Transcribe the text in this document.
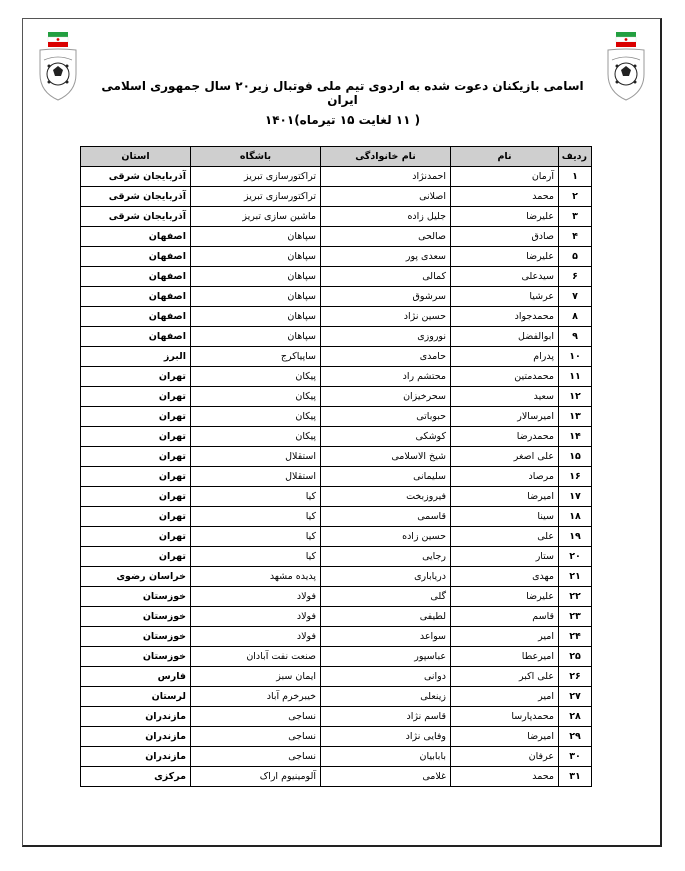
اسامی بازیکنان دعوت شده به اردوی تیم ملی فوتبال زیر۲۰ سال جمهوری اسلامی ایران
( ۱۱ لغایت ۱۵ تیرماه)۱۴۰۱
ردیف	نام	نام خانوادگی	باشگاه	استان
۱	آرمان	احمدنژاد	تراکتورسازی تبریز	آذربایجان شرقی
۲	محمد	اصلانی	تراکتورسازی تبریز	آذربایجان شرقی
۳	علیرضا	جلیل زاده	ماشین سازی تبریز	آذربایجان شرقی
۴	صادق	صالحی	سپاهان	اصفهان
۵	علیرضا	سعدی پور	سپاهان	اصفهان
۶	سیدعلی	کمالی	سپاهان	اصفهان
۷	عرشیا	سرشوق	سپاهان	اصفهان
۸	محمدجواد	حسین نژاد	سپاهان	اصفهان
۹	ابوالفضل	نوروزی	سپاهان	اصفهان
۱۰	پدرام	حامدی	ساپیاکرج	البرز
۱۱	محمدمتین	محتشم راد	پیکان	تهران
۱۲	سعید	سحرخیزان	پیکان	تهران
۱۳	امیرسالار	حبوباتی	پیکان	تهران
۱۴	محمدرضا	کوشکی	پیکان	تهران
۱۵	علی اصغر	شیخ الاسلامی	استقلال	تهران
۱۶	مرصاد	سلیمانی	استقلال	تهران
۱۷	امیرضا	فیروزبخت	کیا	تهران
۱۸	سینا	قاسمی	کیا	تهران
۱۹	علی	حسین زاده	کیا	تهران
۲۰	ستار	رجایی	کیا	تهران
۲۱	مهدی	دریاباری	پدیده مشهد	خراسان رضوی
۲۲	علیرضا	گلی	فولاد	خوزستان
۲۳	قاسم	لطیفی	فولاد	خوزستان
۲۴	امیر	سواعد	فولاد	خوزستان
۲۵	امیرعطا	عباسپور	صنعت نفت آبادان	خوزستان
۲۶	علی اکبر	دوانی	ایمان سبز	فارس
۲۷	امیر	زینعلی	خیبرخرم آباد	لرستان
۲۸	محمدپارسا	قاسم نژاد	نساجی	مازندران
۲۹	امیرضا	وفایی نژاد	نساجی	مازندران
۳۰	عرفان	بابابیان	نساجی	مازندران
۳۱	محمد	غلامی	آلومینیوم اراک	مرکزی
